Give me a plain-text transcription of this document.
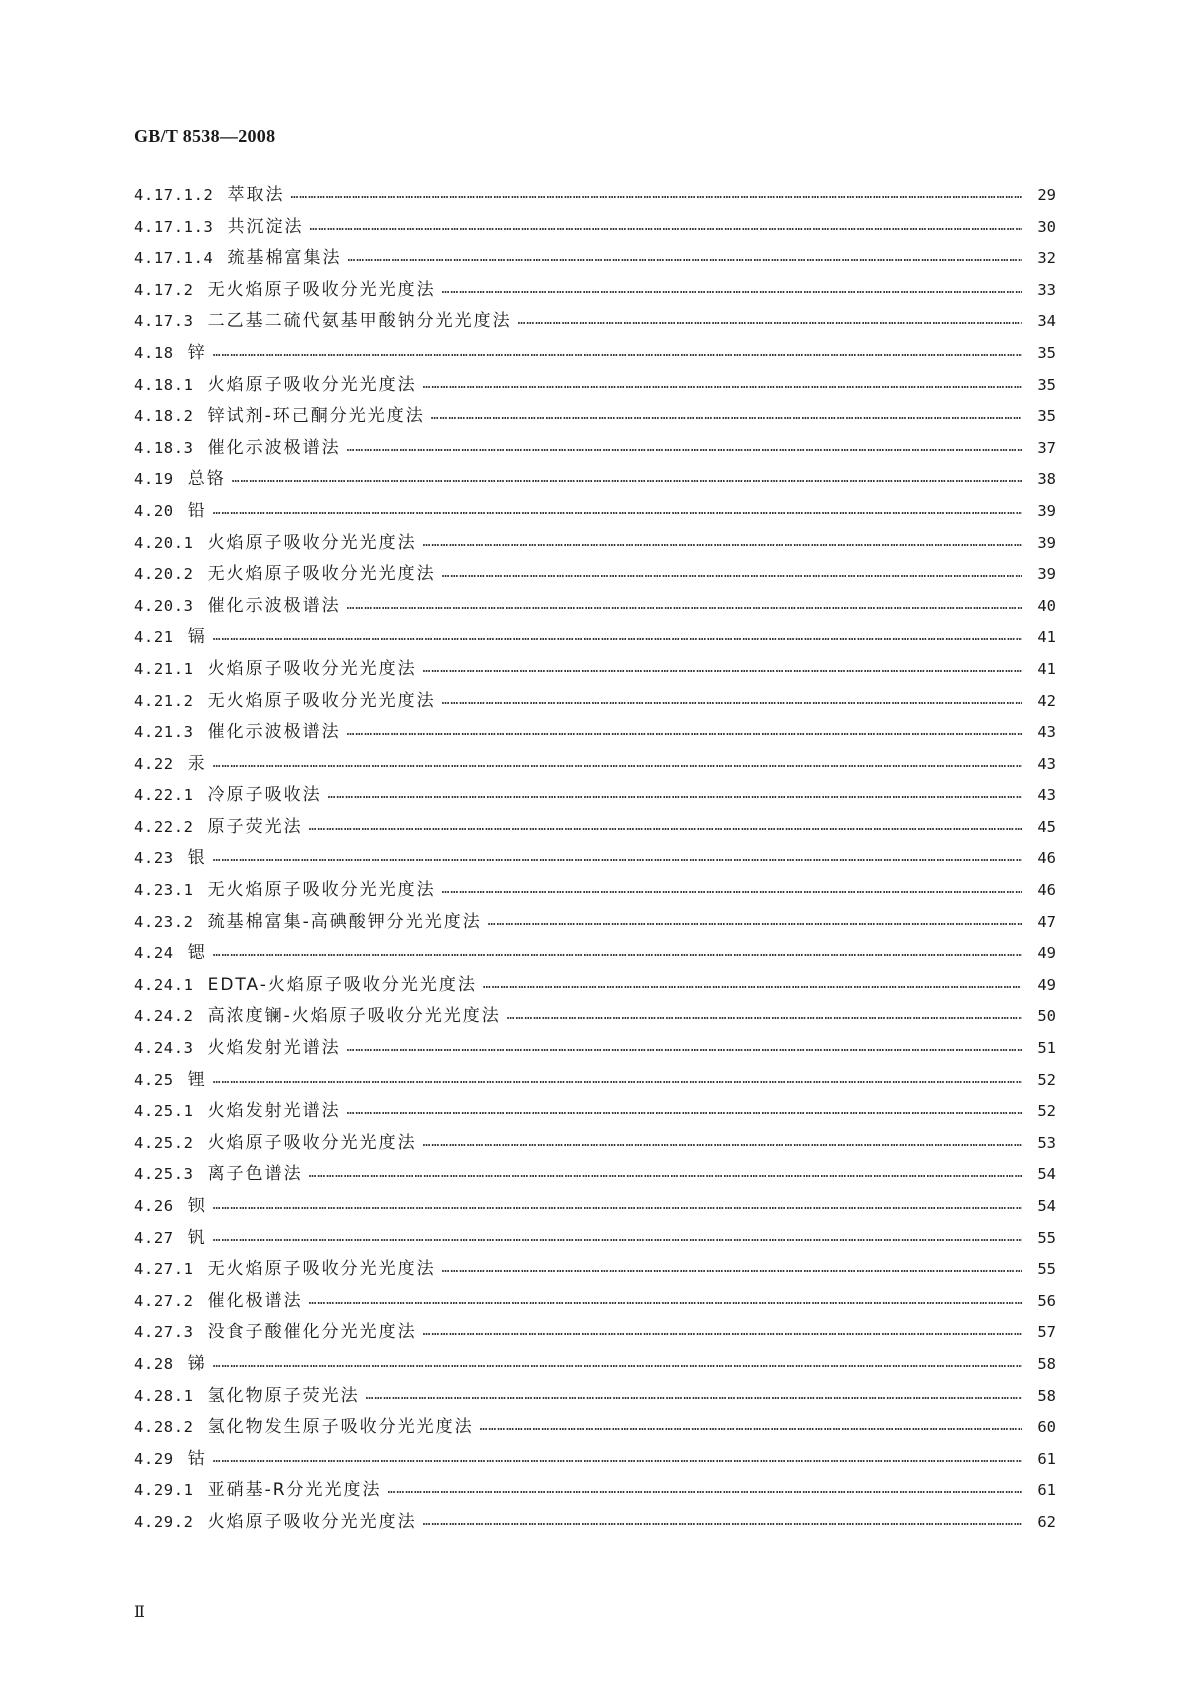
GB/T 8538—2008
4.17.1.2 萃取法 ……………………………………………………………………………………………………………………………………………………………………………………………………………………………………………………………………………………	29
4.17.1.3 共沉淀法 ……………………………………………………………………………………………………………………………………………………………………………………………………………………………………………………………………………………	30
4.17.1.4 巯基棉富集法 ……………………………………………………………………………………………………………………………………………………………………………………………………………………………………………………………………………………	32
4.17.2 无火焰原子吸收分光光度法 ……………………………………………………………………………………………………………………………………………………………………………………………………………………………………………………………………………………	33
4.17.3 二乙基二硫代氨基甲酸钠分光光度法 ……………………………………………………………………………………………………………………………………………………………………………………………………………………………………………………………………………………	34
4.18 锌 ……………………………………………………………………………………………………………………………………………………………………………………………………………………………………………………………………………………	35
4.18.1 火焰原子吸收分光光度法 ……………………………………………………………………………………………………………………………………………………………………………………………………………………………………………………………………………………	35
4.18.2 锌试剂-环己酮分光光度法 ……………………………………………………………………………………………………………………………………………………………………………………………………………………………………………………………………………………	35
4.18.3 催化示波极谱法 ……………………………………………………………………………………………………………………………………………………………………………………………………………………………………………………………………………………	37
4.19 总铬 ……………………………………………………………………………………………………………………………………………………………………………………………………………………………………………………………………………………	38
4.20 铅 ……………………………………………………………………………………………………………………………………………………………………………………………………………………………………………………………………………………	39
4.20.1 火焰原子吸收分光光度法 ……………………………………………………………………………………………………………………………………………………………………………………………………………………………………………………………………………………	39
4.20.2 无火焰原子吸收分光光度法 ……………………………………………………………………………………………………………………………………………………………………………………………………………………………………………………………………………………	39
4.20.3 催化示波极谱法 ……………………………………………………………………………………………………………………………………………………………………………………………………………………………………………………………………………………	40
4.21 镉 ……………………………………………………………………………………………………………………………………………………………………………………………………………………………………………………………………………………	41
4.21.1 火焰原子吸收分光光度法 ……………………………………………………………………………………………………………………………………………………………………………………………………………………………………………………………………………………	41
4.21.2 无火焰原子吸收分光光度法 ……………………………………………………………………………………………………………………………………………………………………………………………………………………………………………………………………………………	42
4.21.3 催化示波极谱法 ……………………………………………………………………………………………………………………………………………………………………………………………………………………………………………………………………………………	43
4.22 汞 ……………………………………………………………………………………………………………………………………………………………………………………………………………………………………………………………………………………	43
4.22.1 冷原子吸收法 ……………………………………………………………………………………………………………………………………………………………………………………………………………………………………………………………………………………	43
4.22.2 原子荧光法 ……………………………………………………………………………………………………………………………………………………………………………………………………………………………………………………………………………………	45
4.23 银 ……………………………………………………………………………………………………………………………………………………………………………………………………………………………………………………………………………………	46
4.23.1 无火焰原子吸收分光光度法 ……………………………………………………………………………………………………………………………………………………………………………………………………………………………………………………………………………………	46
4.23.2 巯基棉富集-高碘酸钾分光光度法 ……………………………………………………………………………………………………………………………………………………………………………………………………………………………………………………………………………………	47
4.24 锶 ……………………………………………………………………………………………………………………………………………………………………………………………………………………………………………………………………………………	49
4.24.1 EDTA-火焰原子吸收分光光度法 ……………………………………………………………………………………………………………………………………………………………………………………………………………………………………………………………………………………	49
4.24.2 高浓度镧-火焰原子吸收分光光度法 ……………………………………………………………………………………………………………………………………………………………………………………………………………………………………………………………………………………	50
4.24.3 火焰发射光谱法 ……………………………………………………………………………………………………………………………………………………………………………………………………………………………………………………………………………………	51
4.25 锂 ……………………………………………………………………………………………………………………………………………………………………………………………………………………………………………………………………………………	52
4.25.1 火焰发射光谱法 ……………………………………………………………………………………………………………………………………………………………………………………………………………………………………………………………………………………	52
4.25.2 火焰原子吸收分光光度法 ……………………………………………………………………………………………………………………………………………………………………………………………………………………………………………………………………………………	53
4.25.3 离子色谱法 ……………………………………………………………………………………………………………………………………………………………………………………………………………………………………………………………………………………	54
4.26 钡 ……………………………………………………………………………………………………………………………………………………………………………………………………………………………………………………………………………………	54
4.27 钒 ……………………………………………………………………………………………………………………………………………………………………………………………………………………………………………………………………………………	55
4.27.1 无火焰原子吸收分光光度法 ……………………………………………………………………………………………………………………………………………………………………………………………………………………………………………………………………………………	55
4.27.2 催化极谱法 ……………………………………………………………………………………………………………………………………………………………………………………………………………………………………………………………………………………	56
4.27.3 没食子酸催化分光光度法 ……………………………………………………………………………………………………………………………………………………………………………………………………………………………………………………………………………………	57
4.28 锑 ……………………………………………………………………………………………………………………………………………………………………………………………………………………………………………………………………………………	58
4.28.1 氢化物原子荧光法 ……………………………………………………………………………………………………………………………………………………………………………………………………………………………………………………………………………………	58
4.28.2 氢化物发生原子吸收分光光度法 ……………………………………………………………………………………………………………………………………………………………………………………………………………………………………………………………………………………	60
4.29 钴 ……………………………………………………………………………………………………………………………………………………………………………………………………………………………………………………………………………………	61
4.29.1 亚硝基-R分光光度法 ……………………………………………………………………………………………………………………………………………………………………………………………………………………………………………………………………………………	61
4.29.2 火焰原子吸收分光光度法 ……………………………………………………………………………………………………………………………………………………………………………………………………………………………………………………………………………………	62
Ⅱ
